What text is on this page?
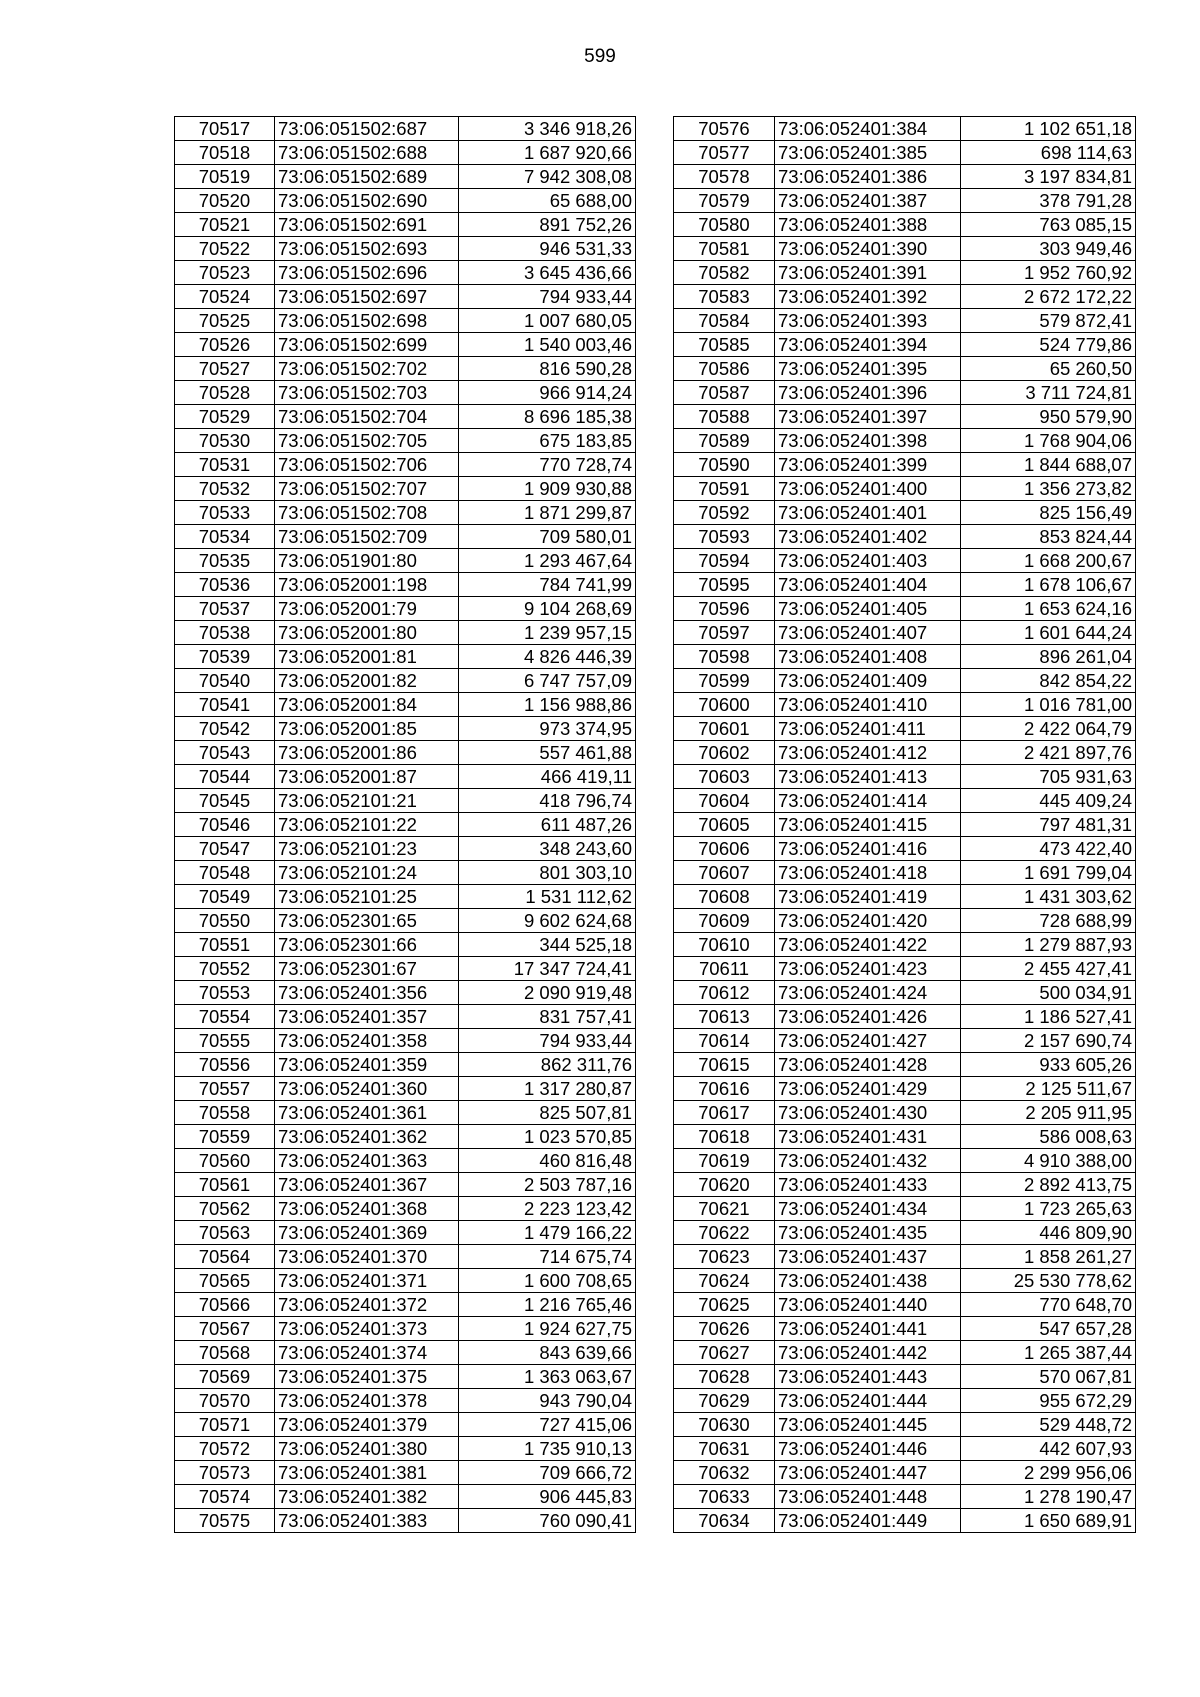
599
70517	73:06:051502:687	3 346 918,26
70518	73:06:051502:688	1 687 920,66
70519	73:06:051502:689	7 942 308,08
70520	73:06:051502:690	65 688,00
70521	73:06:051502:691	891 752,26
70522	73:06:051502:693	946 531,33
70523	73:06:051502:696	3 645 436,66
70524	73:06:051502:697	794 933,44
70525	73:06:051502:698	1 007 680,05
70526	73:06:051502:699	1 540 003,46
70527	73:06:051502:702	816 590,28
70528	73:06:051502:703	966 914,24
70529	73:06:051502:704	8 696 185,38
70530	73:06:051502:705	675 183,85
70531	73:06:051502:706	770 728,74
70532	73:06:051502:707	1 909 930,88
70533	73:06:051502:708	1 871 299,87
70534	73:06:051502:709	709 580,01
70535	73:06:051901:80	1 293 467,64
70536	73:06:052001:198	784 741,99
70537	73:06:052001:79	9 104 268,69
70538	73:06:052001:80	1 239 957,15
70539	73:06:052001:81	4 826 446,39
70540	73:06:052001:82	6 747 757,09
70541	73:06:052001:84	1 156 988,86
70542	73:06:052001:85	973 374,95
70543	73:06:052001:86	557 461,88
70544	73:06:052001:87	466 419,11
70545	73:06:052101:21	418 796,74
70546	73:06:052101:22	611 487,26
70547	73:06:052101:23	348 243,60
70548	73:06:052101:24	801 303,10
70549	73:06:052101:25	1 531 112,62
70550	73:06:052301:65	9 602 624,68
70551	73:06:052301:66	344 525,18
70552	73:06:052301:67	17 347 724,41
70553	73:06:052401:356	2 090 919,48
70554	73:06:052401:357	831 757,41
70555	73:06:052401:358	794 933,44
70556	73:06:052401:359	862 311,76
70557	73:06:052401:360	1 317 280,87
70558	73:06:052401:361	825 507,81
70559	73:06:052401:362	1 023 570,85
70560	73:06:052401:363	460 816,48
70561	73:06:052401:367	2 503 787,16
70562	73:06:052401:368	2 223 123,42
70563	73:06:052401:369	1 479 166,22
70564	73:06:052401:370	714 675,74
70565	73:06:052401:371	1 600 708,65
70566	73:06:052401:372	1 216 765,46
70567	73:06:052401:373	1 924 627,75
70568	73:06:052401:374	843 639,66
70569	73:06:052401:375	1 363 063,67
70570	73:06:052401:378	943 790,04
70571	73:06:052401:379	727 415,06
70572	73:06:052401:380	1 735 910,13
70573	73:06:052401:381	709 666,72
70574	73:06:052401:382	906 445,83
70575	73:06:052401:383	760 090,41
70576	73:06:052401:384	1 102 651,18
70577	73:06:052401:385	698 114,63
70578	73:06:052401:386	3 197 834,81
70579	73:06:052401:387	378 791,28
70580	73:06:052401:388	763 085,15
70581	73:06:052401:390	303 949,46
70582	73:06:052401:391	1 952 760,92
70583	73:06:052401:392	2 672 172,22
70584	73:06:052401:393	579 872,41
70585	73:06:052401:394	524 779,86
70586	73:06:052401:395	65 260,50
70587	73:06:052401:396	3 711 724,81
70588	73:06:052401:397	950 579,90
70589	73:06:052401:398	1 768 904,06
70590	73:06:052401:399	1 844 688,07
70591	73:06:052401:400	1 356 273,82
70592	73:06:052401:401	825 156,49
70593	73:06:052401:402	853 824,44
70594	73:06:052401:403	1 668 200,67
70595	73:06:052401:404	1 678 106,67
70596	73:06:052401:405	1 653 624,16
70597	73:06:052401:407	1 601 644,24
70598	73:06:052401:408	896 261,04
70599	73:06:052401:409	842 854,22
70600	73:06:052401:410	1 016 781,00
70601	73:06:052401:411	2 422 064,79
70602	73:06:052401:412	2 421 897,76
70603	73:06:052401:413	705 931,63
70604	73:06:052401:414	445 409,24
70605	73:06:052401:415	797 481,31
70606	73:06:052401:416	473 422,40
70607	73:06:052401:418	1 691 799,04
70608	73:06:052401:419	1 431 303,62
70609	73:06:052401:420	728 688,99
70610	73:06:052401:422	1 279 887,93
70611	73:06:052401:423	2 455 427,41
70612	73:06:052401:424	500 034,91
70613	73:06:052401:426	1 186 527,41
70614	73:06:052401:427	2 157 690,74
70615	73:06:052401:428	933 605,26
70616	73:06:052401:429	2 125 511,67
70617	73:06:052401:430	2 205 911,95
70618	73:06:052401:431	586 008,63
70619	73:06:052401:432	4 910 388,00
70620	73:06:052401:433	2 892 413,75
70621	73:06:052401:434	1 723 265,63
70622	73:06:052401:435	446 809,90
70623	73:06:052401:437	1 858 261,27
70624	73:06:052401:438	25 530 778,62
70625	73:06:052401:440	770 648,70
70626	73:06:052401:441	547 657,28
70627	73:06:052401:442	1 265 387,44
70628	73:06:052401:443	570 067,81
70629	73:06:052401:444	955 672,29
70630	73:06:052401:445	529 448,72
70631	73:06:052401:446	442 607,93
70632	73:06:052401:447	2 299 956,06
70633	73:06:052401:448	1 278 190,47
70634	73:06:052401:449	1 650 689,91
